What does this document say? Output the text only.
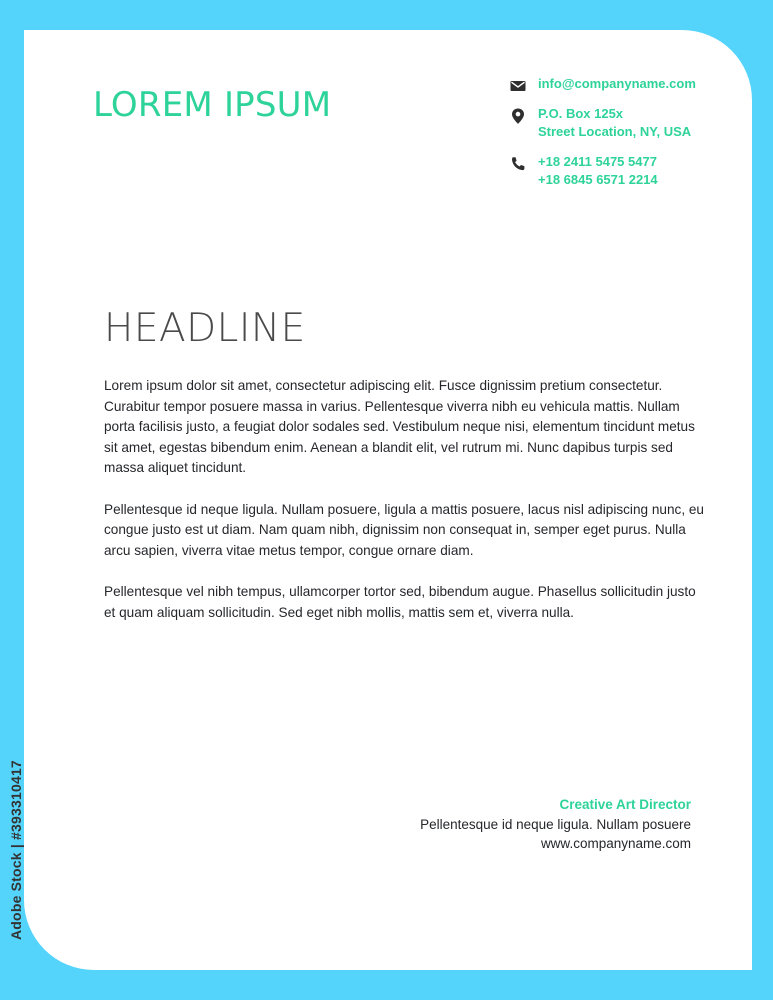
LOREM IPSUM
info@companyname.com
P.O. Box 125x
Street Location, NY, USA
+18 2411 5475 5477
+18 6845 6571 2214
HEADLINE

Lorem ipsum dolor sit amet, consectetur adipiscing elit. Fusce dignissim pretium consectetur. Curabitur tempor posuere massa in varius. Pellentesque viverra nibh eu vehicula mattis. Nullam porta facilisis justo, a feugiat dolor sodales sed. Vestibulum neque nisi, elementum tincidunt metus sit amet, egestas bibendum enim. Aenean a blandit elit, vel rutrum mi. Nunc dapibus turpis sed massa aliquet tincidunt.

Pellentesque id neque ligula. Nullam posuere, ligula a mattis posuere, lacus nisl adipiscing nunc, eu congue justo est ut diam. Nam quam nibh, dignissim non consequat in, semper eget purus. Nulla arcu sapien, viverra vitae metus tempor, congue ornare diam.

Pellentesque vel nibh tempus, ullamcorper tortor sed, bibendum augue. Phasellus sollicitudin justo et quam aliquam sollicitudin. Sed eget nibh mollis, mattis sem et, viverra nulla.

Creative Art Director
Pellentesque id neque ligula. Nullam posuere
www.companyname.com
Adobe Stock | #393310417
